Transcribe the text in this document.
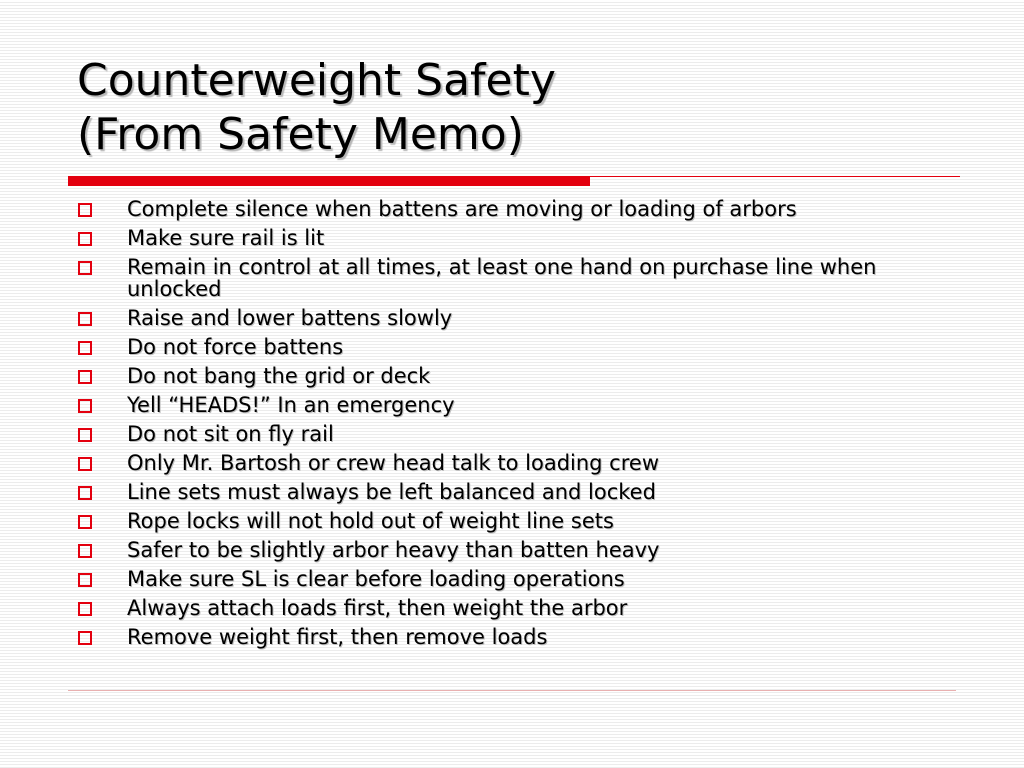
Counterweight Safety
(From Safety Memo)
Complete silence when battens are moving or loading of arbors
Make sure rail is lit
Remain in control at all times, at least one hand on purchase line when unlocked
Raise and lower battens slowly
Do not force battens
Do not bang the grid or deck
Yell “HEADS!” In an emergency
Do not sit on fly rail
Only Mr. Bartosh or crew head talk to loading crew
Line sets must always be left balanced and locked
Rope locks will not hold out of weight line sets
Safer to be slightly arbor heavy than batten heavy
Make sure SL is clear before loading operations
Always attach loads first, then weight the arbor
Remove weight first, then remove loads
